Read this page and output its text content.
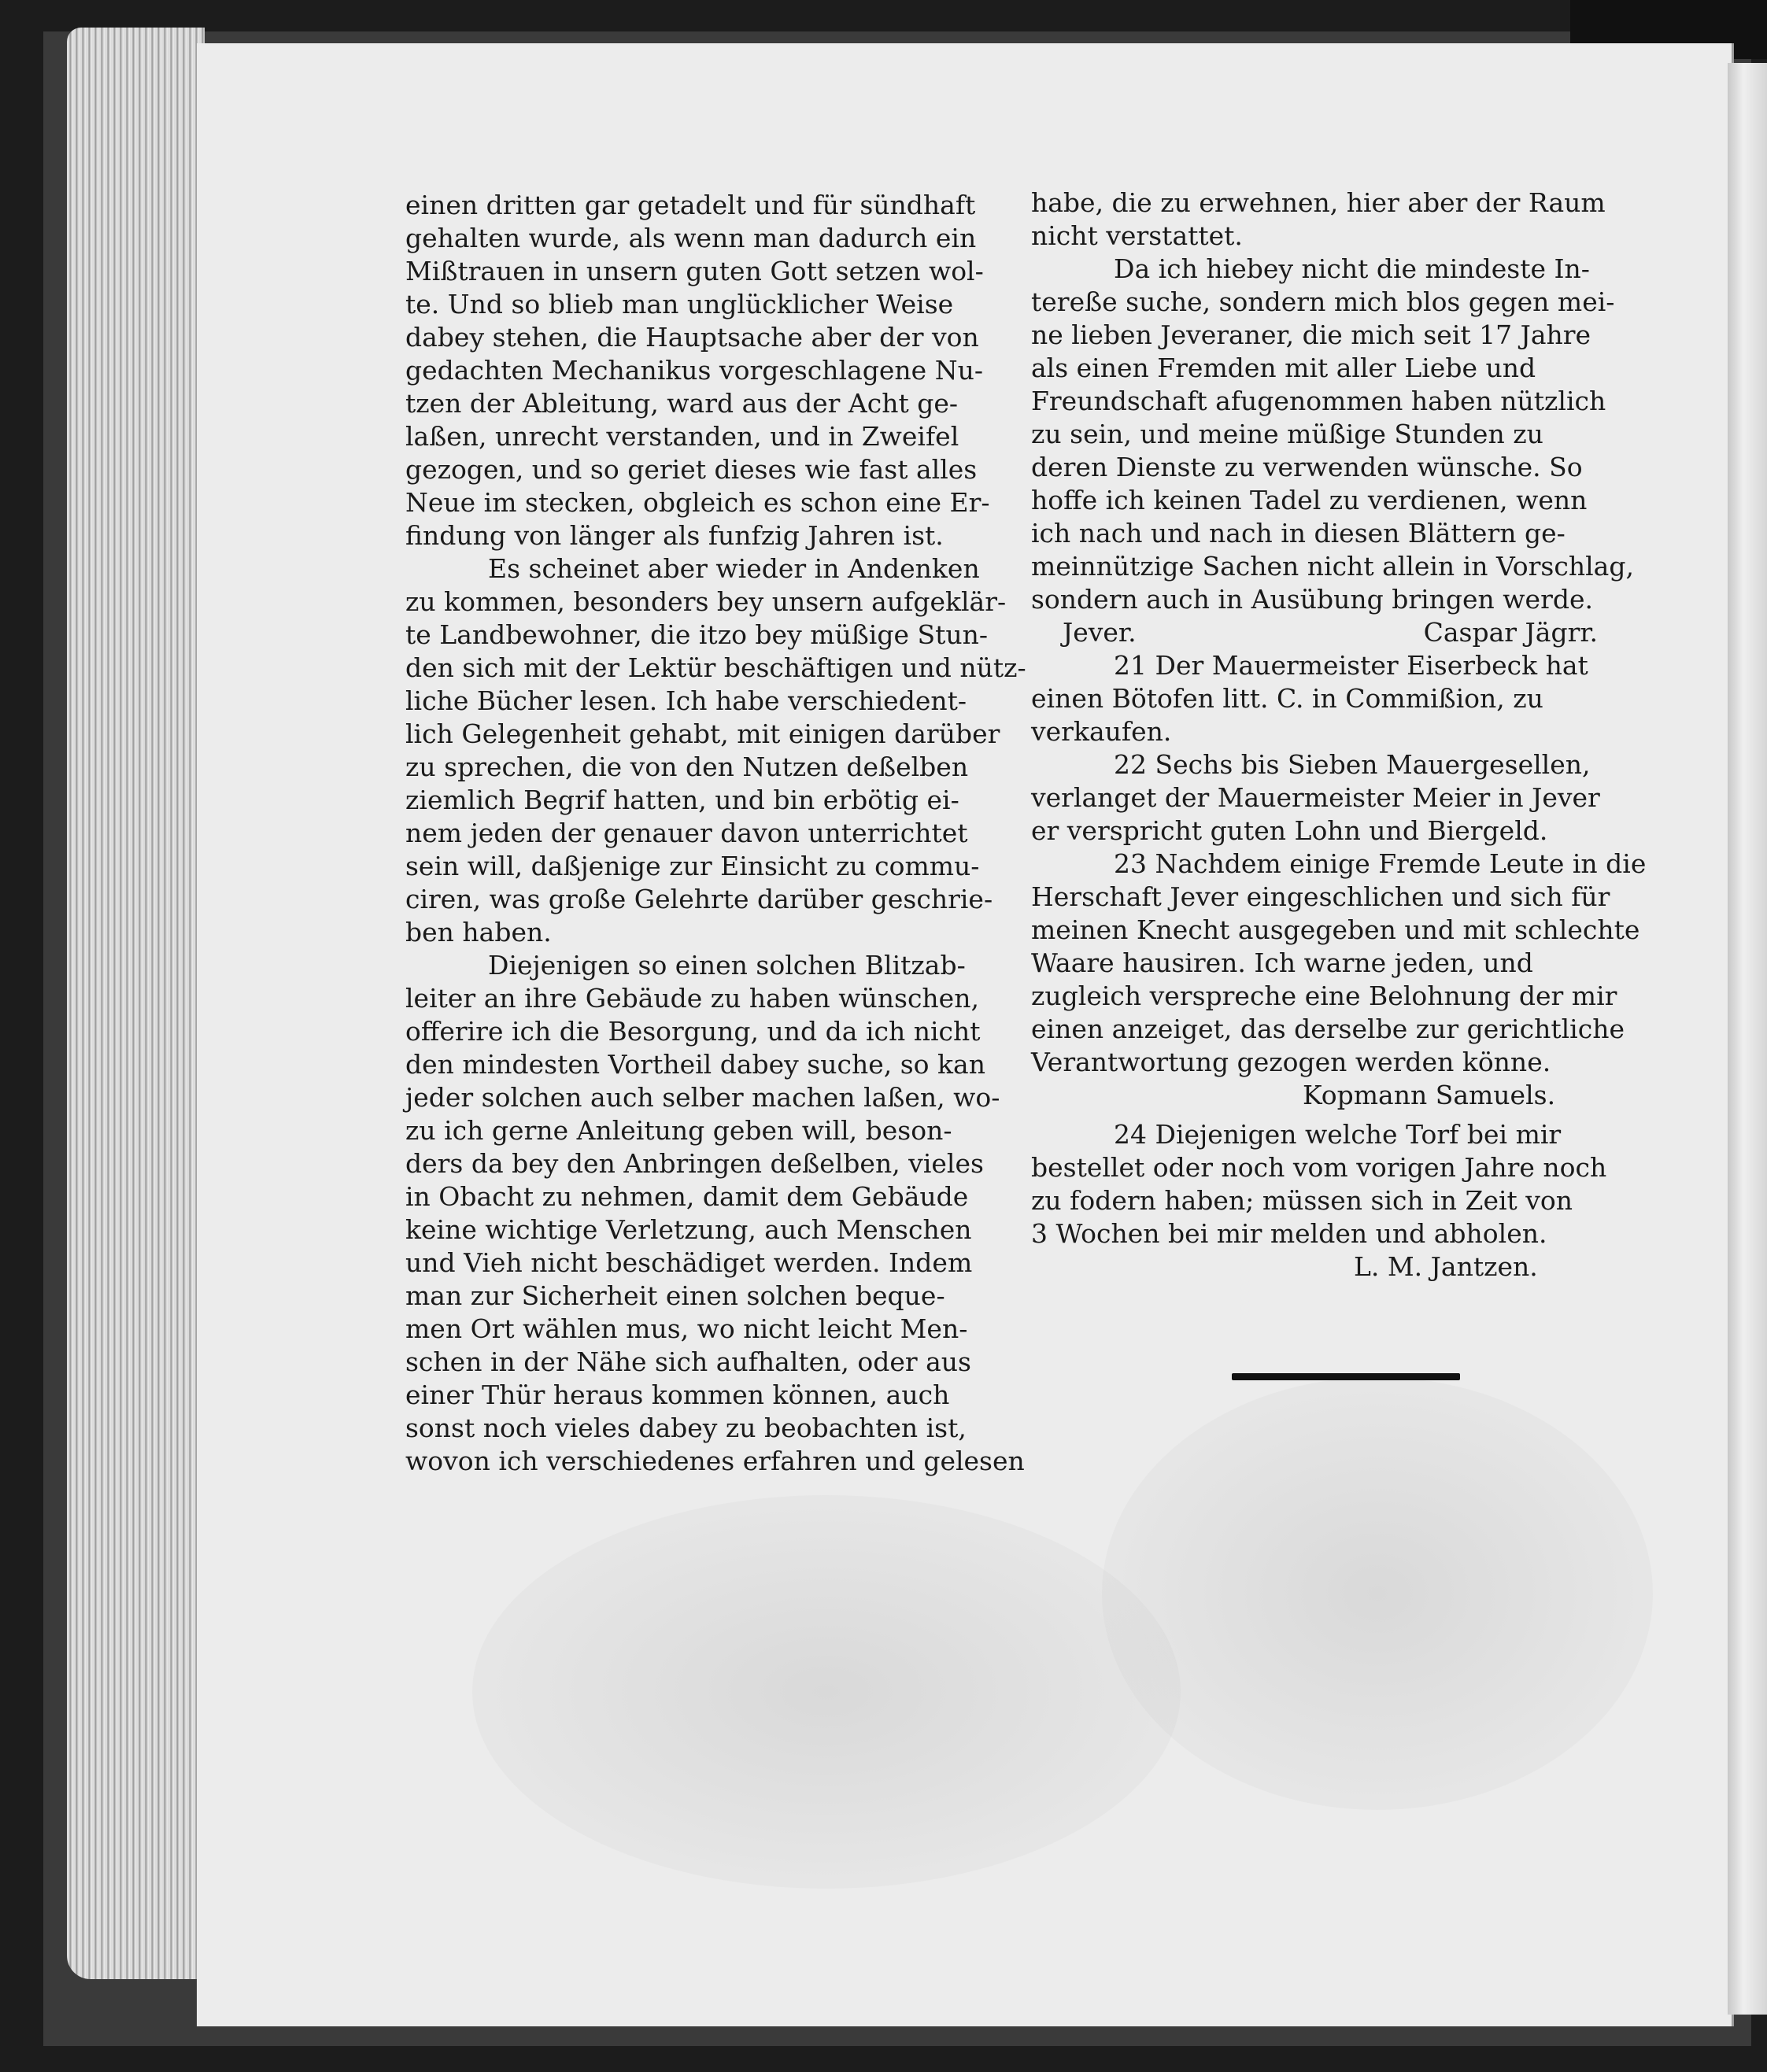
einen dritten gar getadelt und für sündhaft

gehalten wurde, als wenn man dadurch ein

Mißtrauen in unsern guten Gott setzen wol-

te. Und so blieb man unglücklicher Weise

dabey stehen, die Hauptsache aber der von

gedachten Mechanikus vorgeschlagene Nu-

tzen der Ableitung, ward aus der Acht ge-

laßen, unrecht verstanden, und in Zweifel

gezogen, und so geriet dieses wie fast alles

Neue im stecken, obgleich es schon eine Er-

findung von länger als funfzig Jahren ist.

Es scheinet aber wieder in Andenken

zu kommen, besonders bey unsern aufgeklär-

te Landbewohner, die itzo bey müßige Stun-

den sich mit der Lektür beschäftigen und nütz-

liche Bücher lesen. Ich habe verschiedent-

lich Gelegenheit gehabt, mit einigen darüber

zu sprechen, die von den Nutzen deßelben

ziemlich Begrif hatten, und bin erbötig ei-

nem jeden der genauer davon unterrichtet

sein will, daßjenige zur Einsicht zu commu-

ciren, was große Gelehrte darüber geschrie-

ben haben.

Diejenigen so einen solchen Blitzab-

leiter an ihre Gebäude zu haben wünschen,

offerire ich die Besorgung, und da ich nicht

den mindesten Vortheil dabey suche, so kan

jeder solchen auch selber machen laßen, wo-

zu ich gerne Anleitung geben will, beson-

ders da bey den Anbringen deßelben, vieles

in Obacht zu nehmen, damit dem Gebäude

keine wichtige Verletzung, auch Menschen

und Vieh nicht beschädiget werden. Indem

man zur Sicherheit einen solchen beque-

men Ort wählen mus, wo nicht leicht Men-

schen in der Nähe sich aufhalten, oder aus

einer Thür heraus kommen können, auch

sonst noch vieles dabey zu beobachten ist,

wovon ich verschiedenes erfahren und gelesen

habe, die zu erwehnen, hier aber der Raum

nicht verstattet.

Da ich hiebey nicht die mindeste In-

tereße suche, sondern mich blos gegen mei-

ne lieben Jeveraner, die mich seit 17 Jahre

als einen Fremden mit aller Liebe und

Freundschaft afugenommen haben nützlich

zu sein, und meine müßige Stunden zu

deren Dienste zu verwenden wünsche. So

hoffe ich keinen Tadel zu verdienen, wenn

ich nach und nach in diesen Blättern ge-

meinnützige Sachen nicht allein in Vorschlag,

sondern auch in Ausübung bringen werde.

Jever.	Caspar Jägrr.

21 Der Mauermeister Eiserbeck hat

einen Bötofen litt. C. in Commißion, zu

verkaufen.

22 Sechs bis Sieben Mauergesellen,

verlanget der Mauermeister Meier in Jever

er verspricht guten Lohn und Biergeld.

23 Nachdem einige Fremde Leute in die

Herschaft Jever eingeschlichen und sich für

meinen Knecht ausgegeben und mit schlechte

Waare hausiren. Ich warne jeden, und

zugleich verspreche eine Belohnung der mir

einen anzeiget, das derselbe zur gerichtliche

Verantwortung gezogen werden könne.

Kopmann Samuels.

24 Diejenigen welche Torf bei mir

bestellet oder noch vom vorigen Jahre noch

zu fodern haben; müssen sich in Zeit von

3 Wochen bei mir melden und abholen.

L. M. Jantzen.
